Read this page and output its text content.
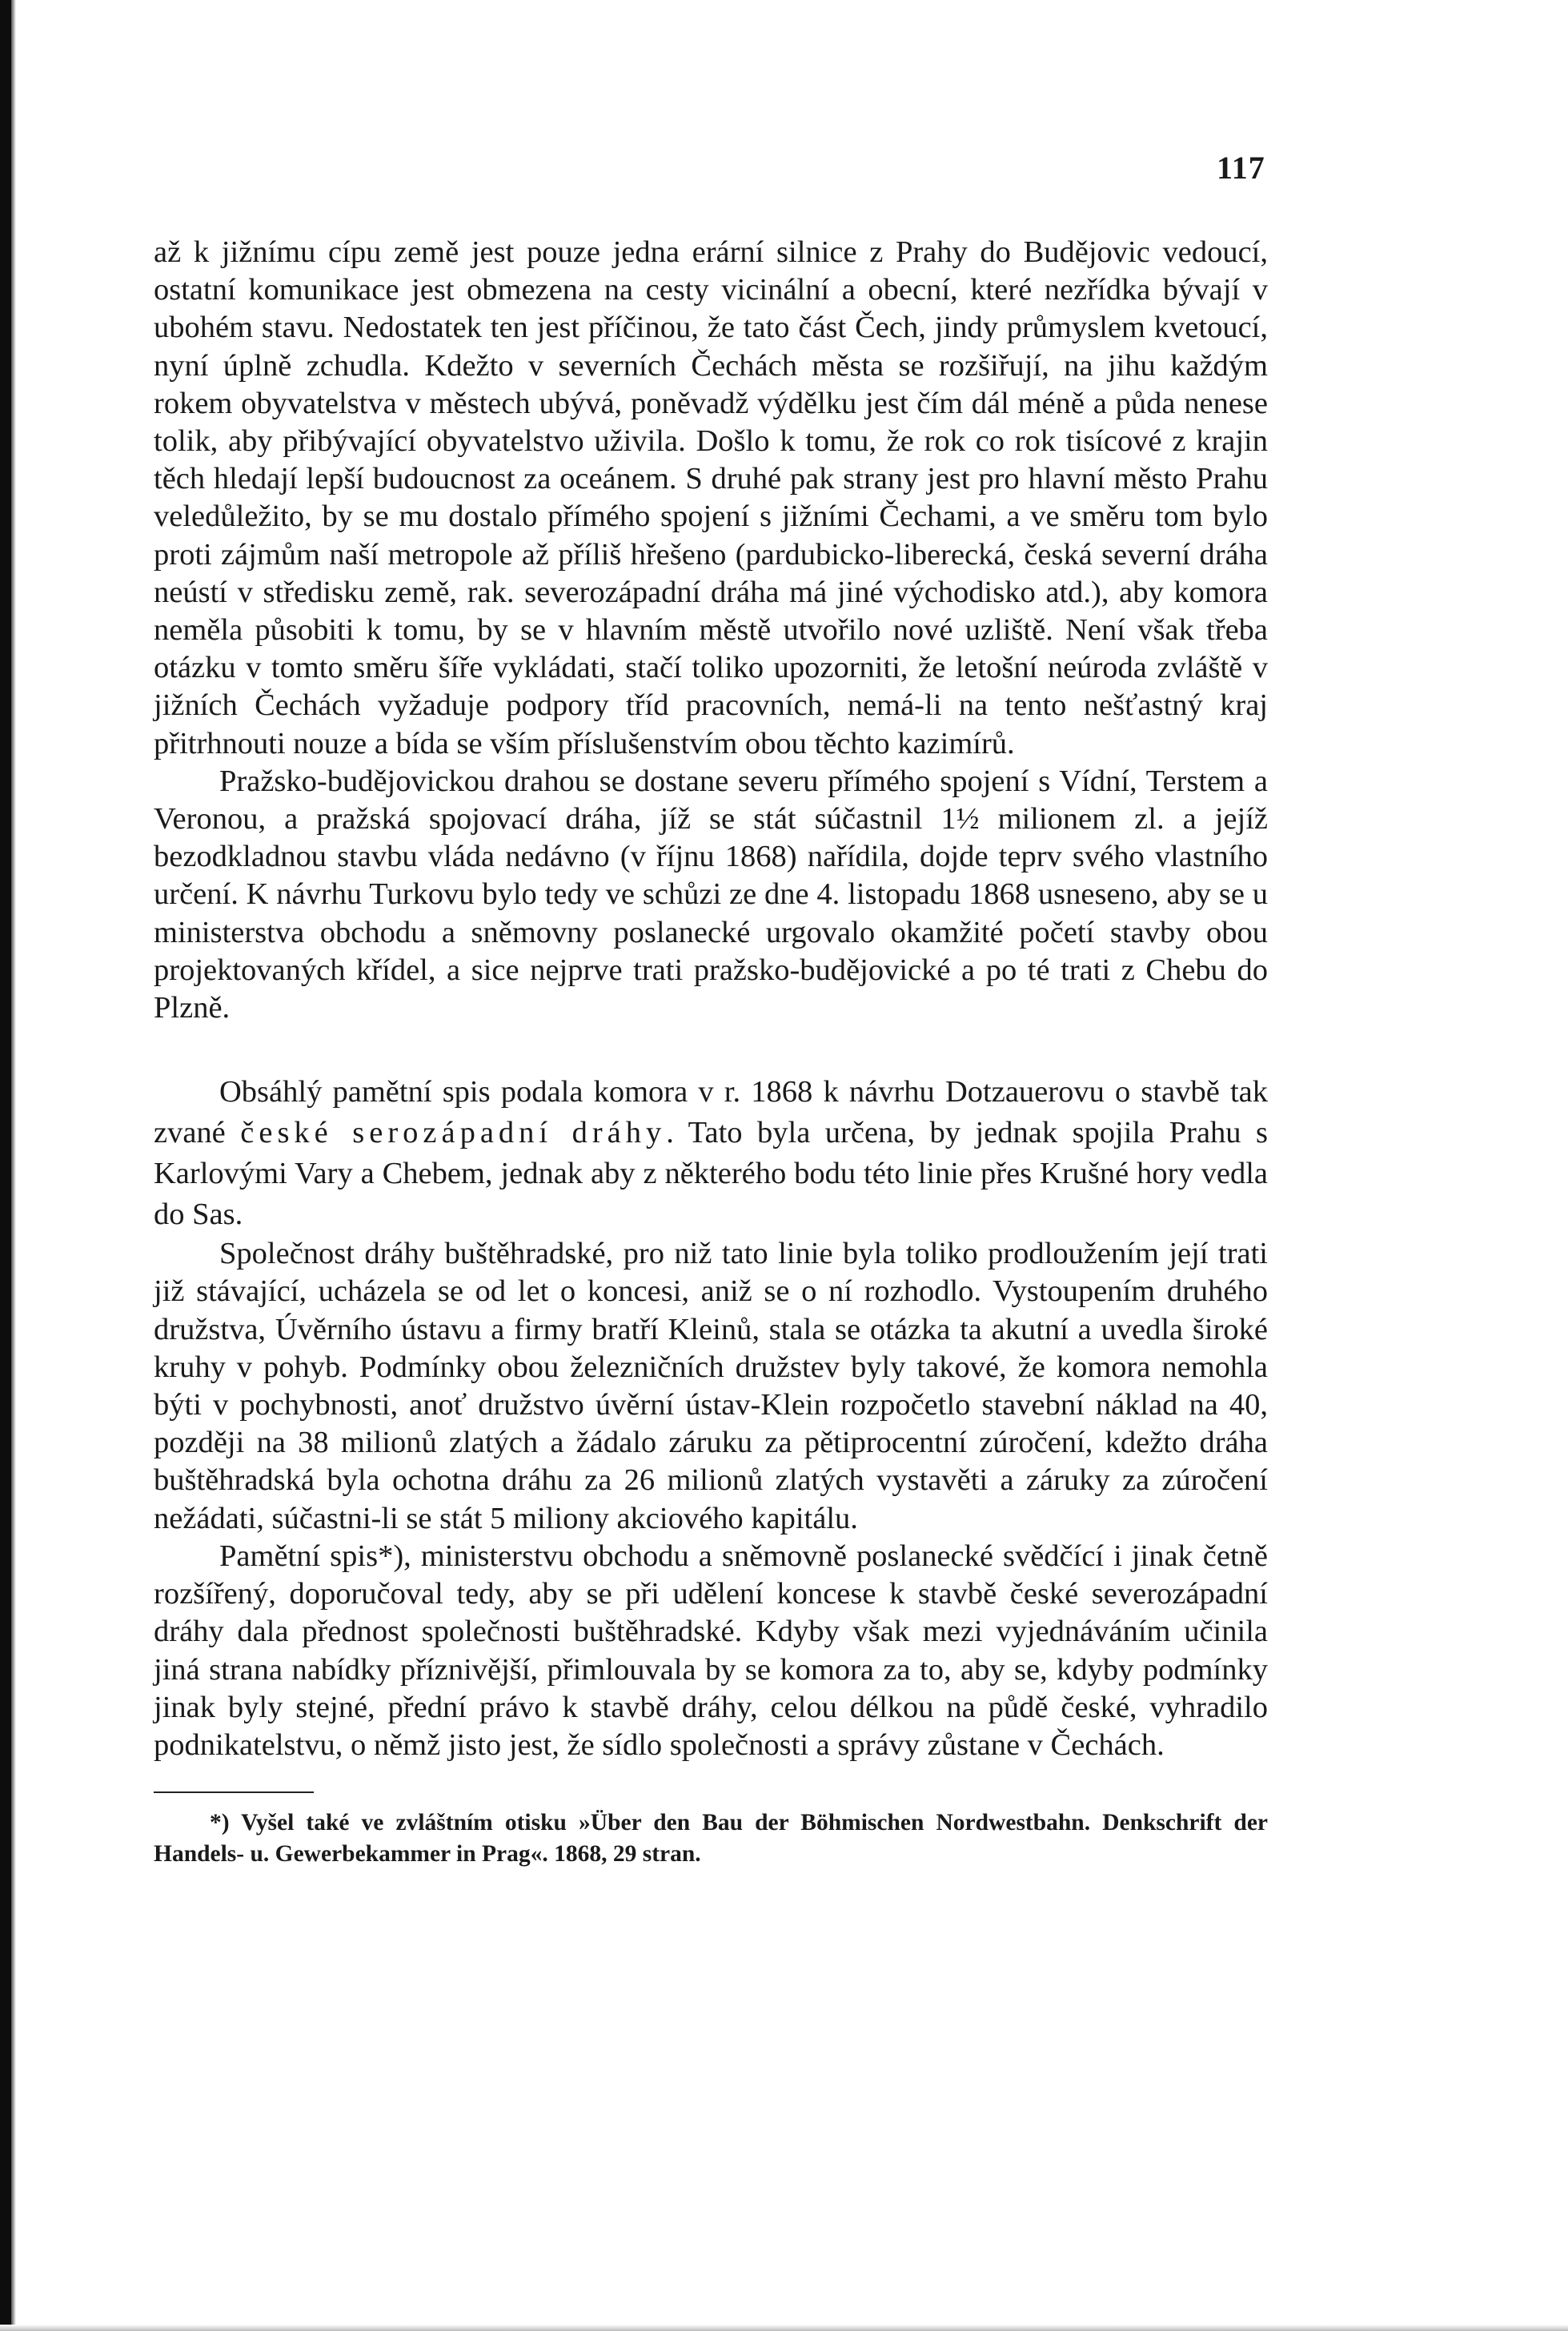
117

až k jižnímu cípu země jest pouze jedna erární silnice z Prahy do Budějovic vedoucí, ostatní komunikace jest obmezena na cesty vicinální a obecní, které nezřídka bývají v ubohém stavu. Nedostatek ten jest příčinou, že tato část Čech, jindy průmyslem kvetoucí, nyní úplně zchudla. Kdežto v severních Čechách města se rozšiřují, na jihu každým rokem obyvatelstva v městech ubývá, poněvadž výdělku jest čím dál méně a půda nenese tolik, aby přibývající obyvatelstvo uživila. Došlo k tomu, že rok co rok tisícové z krajin těch hledají lepší budoucnost za oceánem. S druhé pak strany jest pro hlavní město Prahu veledůležito, by se mu dostalo přímého spojení s jižními Čechami, a ve směru tom bylo proti zájmům naší metropole až příliš hřešeno (pardubicko-liberecká, česká severní dráha neústí v středisku země, rak. severozápadní dráha má jiné východisko atd.), aby komora neměla působiti k tomu, by se v hlavním městě utvořilo nové uzliště. Není však třeba otázku v tomto směru šíře vykládati, stačí toliko upozorniti, že letošní neúroda zvláště v jižních Čechách vyžaduje podpory tříd pracovních, nemá-li na tento nešťastný kraj přitrhnouti nouze a bída se vším příslušenstvím obou těchto kazimírů.

Pražsko-budějovickou drahou se dostane severu přímého spojení s Vídní, Terstem a Veronou, a pražská spojovací dráha, jíž se stát súčastnil 1½ milionem zl. a jejíž bezodkladnou stavbu vláda nedávno (v říjnu 1868) nařídila, dojde teprv svého vlastního určení. K návrhu Turkovu bylo tedy ve schůzi ze dne 4. listopadu 1868 usneseno, aby se u ministerstva obchodu a sněmovny poslanecké urgovalo okamžité početí stavby obou projektovaných křídel, a sice nejprve trati pražsko-budějovické a po té trati z Chebu do Plzně.

Obsáhlý pamětní spis podala komora v r. 1868 k návrhu Dotzauerovu o stavbě tak zvané české serozápadní dráhy. Tato byla určena, by jednak spojila Prahu s Karlovými Vary a Chebem, jednak aby z některého bodu této linie přes Krušné hory vedla do Sas.

Společnost dráhy buštěhradské, pro niž tato linie byla toliko prodloužením její trati již stávající, ucházela se od let o koncesi, aniž se o ní rozhodlo. Vystoupením druhého družstva, Úvěrního ústavu a firmy bratří Kleinů, stala se otázka ta akutní a uvedla široké kruhy v pohyb. Podmínky obou železničních družstev byly takové, že komora nemohla býti v pochybnosti, anoť družstvo úvěrní ústav-Klein rozpočetlo stavební náklad na 40, později na 38 milionů zlatých a žádalo záruku za pětiprocentní zúročení, kdežto dráha buštěhradská byla ochotna dráhu za 26 milionů zlatých vystavěti a záruky za zúročení nežádati, súčastni-li se stát 5 miliony akciového kapitálu.

Pamětní spis*), ministerstvu obchodu a sněmovně poslanecké svědčící i jinak četně rozšířený, doporučoval tedy, aby se při udělení koncese k stavbě české severozápadní dráhy dala přednost společnosti buštěhradské. Kdyby však mezi vyjednáváním učinila jiná strana nabídky příznivější, přimlouvala by se komora za to, aby se, kdyby podmínky jinak byly stejné, přední právo k stavbě dráhy, celou délkou na půdě české, vyhradilo podnikatelstvu, o němž jisto jest, že sídlo společnosti a správy zůstane v Čechách.

*) Vyšel také ve zvláštním otisku »Über den Bau der Böhmischen Nordwestbahn. Denkschrift der Handels- u. Gewerbekammer in Prag«. 1868, 29 stran.
